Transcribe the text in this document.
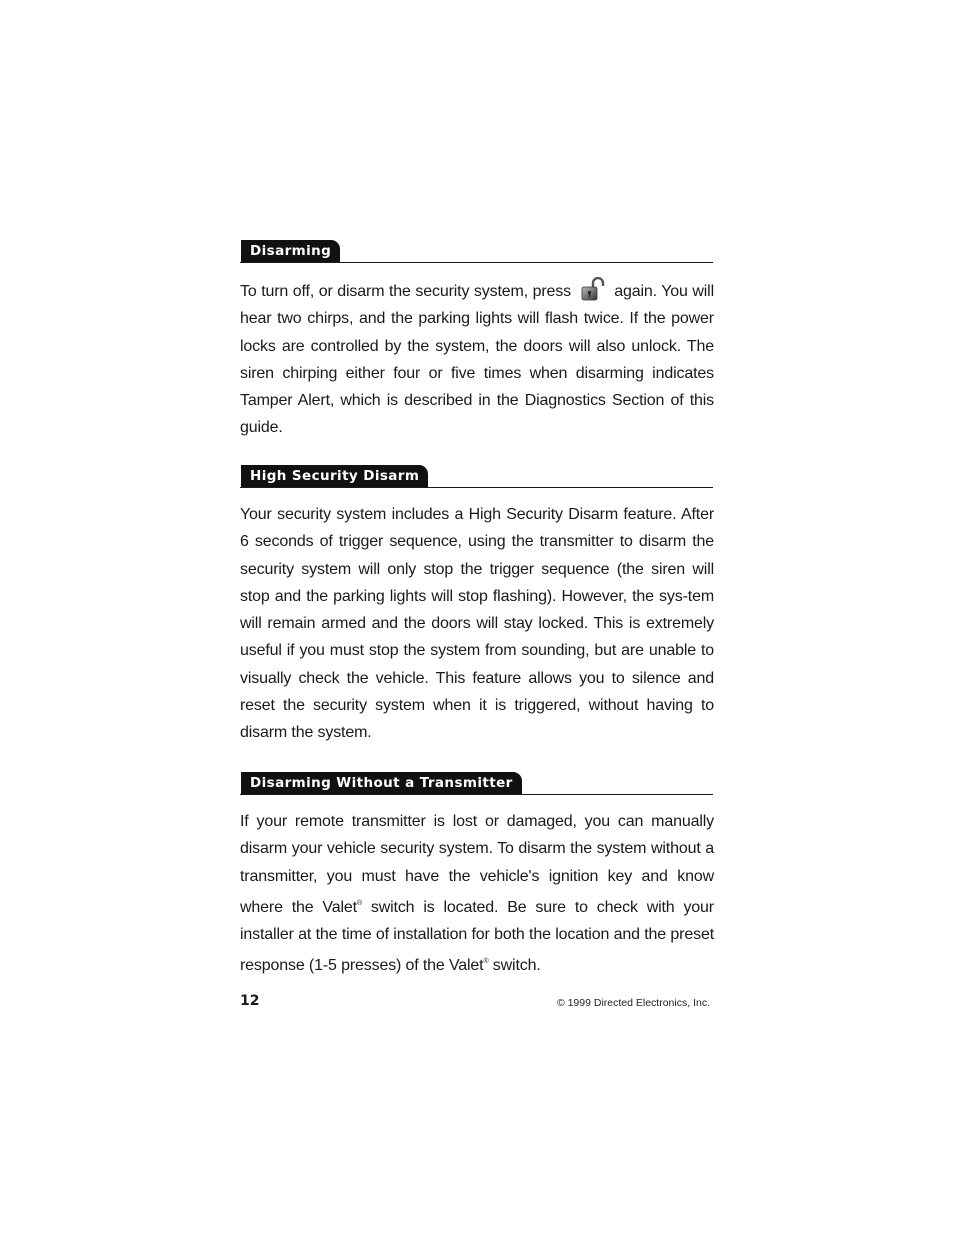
Disarming

To turn off, or disarm the security system, press	again. You will hear two chirps, and the parking lights will flash twice. If the power locks are controlled by the system, the doors will also unlock. The siren chirping either four or five times when disarming indicates Tamper Alert, which is described in the Diagnostics Section of this guide.

High Security Disarm

Your security system includes a High Security Disarm feature. After 6 seconds of trigger sequence, using the transmitter to disarm the security system will only stop the trigger sequence (the siren will stop and the parking lights will stop flashing). However, the sys-tem will remain armed and the doors will stay locked. This is extremely useful if you must stop the system from sounding, but are unable to visually check the vehicle. This feature allows you to silence and reset the security system when it is triggered, without having to disarm the system.

Disarming Without a Transmitter

If your remote transmitter is lost or damaged, you can manually disarm your vehicle security system. To disarm the system without a transmitter, you must have the vehicle's ignition key and know where the Valet® switch is located. Be sure to check with your installer at the time of installation for both the location and the preset response (1-5 presses) of the Valet® switch.

12	© 1999 Directed Electronics, Inc.
